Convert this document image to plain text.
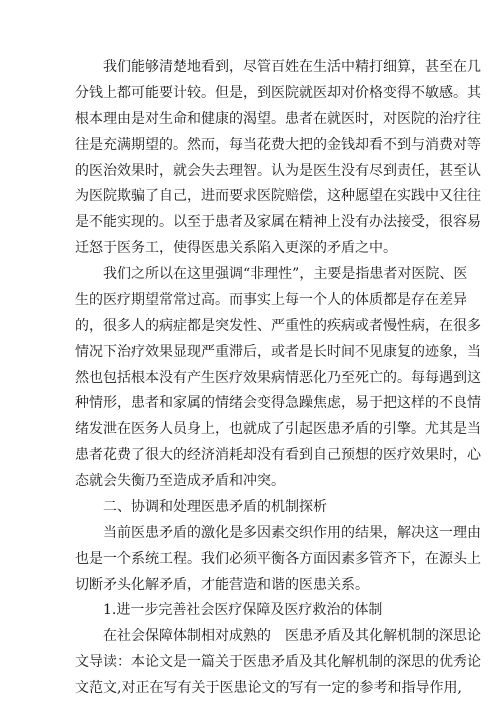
我们能够清楚地看到，尽管百姓在生活中精打细算，甚至在几
分钱上都可能要计较。但是，到医院就医却对价格变得不敏感。其
根本理由是对生命和健康的渴望。患者在就医时，对医院的治疗往
往是充满期望的。然而，每当花费大把的金钱却看不到与消费对等
的医治效果时，就会失去理智。认为是医生没有尽到责任，甚至认
为医院欺骗了自己，进而要求医院赔偿，这种愿望在实践中又往往
是不能实现的。以至于患者及家属在精神上没有办法接受，很容易
迁怒于医务工，使得医患关系陷入更深的矛盾之中。
我们之所以在这里强调“非理性”，主要是指患者对医院、医
生的医疗期望常常过高。而事实上每一个人的体质都是存在差异
的，很多人的病症都是突发性、严重性的疾病或者慢性病，在很多
情况下治疗效果显现严重滞后，或者是长时间不见康复的迹象，当
然也包括根本没有产生医疗效果病情恶化乃至死亡的。每每遇到这
种情形，患者和家属的情绪会变得急躁焦虑，易于把这样的不良情
绪发泄在医务人员身上，也就成了引起医患矛盾的引擎。尤其是当
患者花费了很大的经济消耗却没有看到自己预想的医疗效果时，心
态就会失衡乃至造成矛盾和冲突。
二、协调和处理医患矛盾的机制探析
当前医患矛盾的激化是多因素交织作用的结果，解决这一理由
也是一个系统工程。我们必须平衡各方面因素多管齐下，在源头上
切断矛头化解矛盾，才能营造和谐的医患关系。
1.进一步完善社会医疗保障及医疗救治的体制
在社会保障体制相对成熟的　医患矛盾及其化解机制的深思论
文导读：本论文是一篇关于医患矛盾及其化解机制的深思的优秀论
文范文,对正在写有关于医患论文的写有一定的参考和指导作用,
